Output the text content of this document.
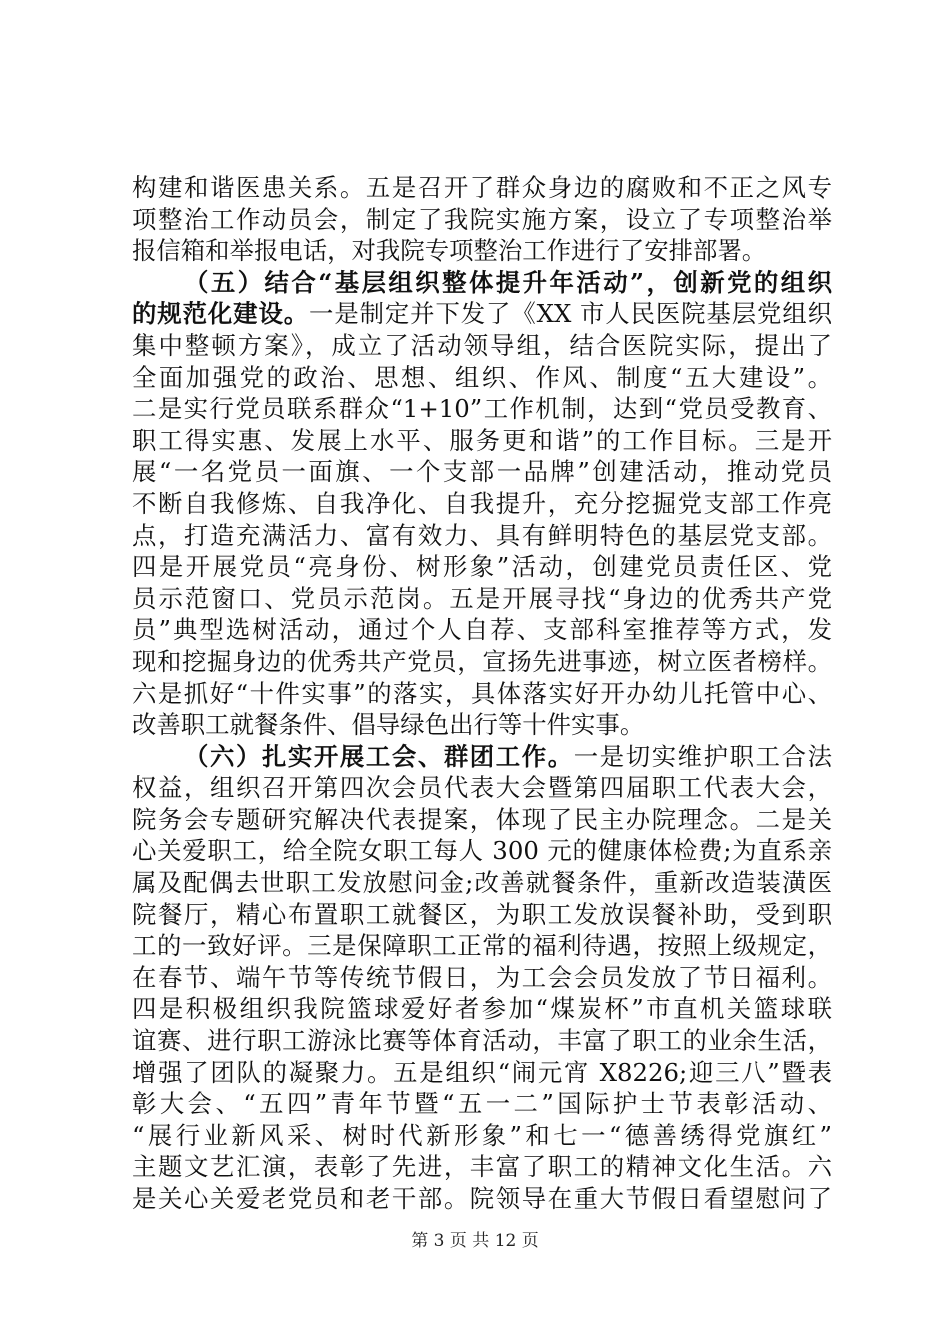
构建和谐医患关系。五是召开了群众身边的腐败和不正之风专
项整治工作动员会，制定了我院实施方案，设立了专项整治举
报信箱和举报电话，对我院专项整治工作进行了安排部署。
（五）结合“基层组织整体提升年活动”，创新党的组织
的规范化建设。一是制定并下发了《XX 市人民医院基层党组织
集中整顿方案》，成立了活动领导组，结合医院实际，提出了
全面加强党的政治、思想、组织、作风、制度“五大建设”。
二是实行党员联系群众“1+10”工作机制，达到“党员受教育、
职工得实惠、发展上水平、服务更和谐”的工作目标。三是开
展“一名党员一面旗、一个支部一品牌”创建活动，推动党员
不断自我修炼、自我净化、自我提升，充分挖掘党支部工作亮
点，打造充满活力、富有效力、具有鲜明特色的基层党支部。
四是开展党员“亮身份、树形象”活动，创建党员责任区、党
员示范窗口、党员示范岗。五是开展寻找“身边的优秀共产党
员”典型选树活动，通过个人自荐、支部科室推荐等方式，发
现和挖掘身边的优秀共产党员，宣扬先进事迹，树立医者榜样。
六是抓好“十件实事”的落实，具体落实好开办幼儿托管中心、
改善职工就餐条件、倡导绿色出行等十件实事。
（六）扎实开展工会、群团工作。一是切实维护职工合法
权益，组织召开第四次会员代表大会暨第四届职工代表大会，
院务会专题研究解决代表提案，体现了民主办院理念。二是关
心关爱职工，给全院女职工每人 300 元的健康体检费;为直系亲
属及配偶去世职工发放慰问金;改善就餐条件，重新改造装潢医
院餐厅，精心布置职工就餐区，为职工发放误餐补助，受到职
工的一致好评。三是保障职工正常的福利待遇，按照上级规定，
在春节、端午节等传统节假日，为工会会员发放了节日福利。
四是积极组织我院篮球爱好者参加“煤炭杯”市直机关篮球联
谊赛、进行职工游泳比赛等体育活动，丰富了职工的业余生活，
增强了团队的凝聚力。五是组织“闹元宵 X8226;迎三八”暨表
彰大会、“五四”青年节暨“五一二”国际护士节表彰活动、
“展行业新风采、树时代新形象”和七一“德善绣得党旗红”
主题文艺汇演，表彰了先进，丰富了职工的精神文化生活。六
是关心关爱老党员和老干部。院领导在重大节假日看望慰问了
第 3 页 共 12 页
